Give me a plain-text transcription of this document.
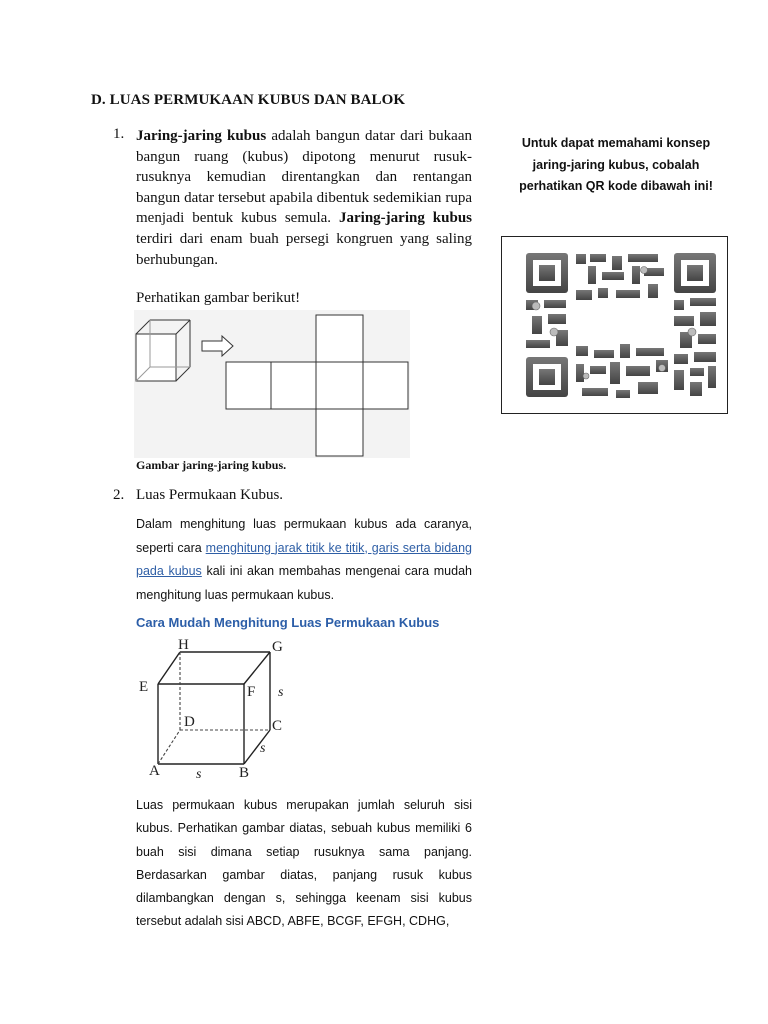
D. LUAS PERMUKAAN KUBUS DAN BALOK
1. Jaring-jaring kubus adalah bangun datar dari bukaan bangun ruang (kubus) dipotong menurut rusuk-rusuknya kemudian direntangkan dan rentangan bangun datar tersebut apabila dibentuk sedemikian rupa menjadi bentuk kubus semula. Jaring-jaring kubus terdiri dari enam buah persegi kongruen yang saling berhubungan.
Perhatikan gambar berikut!
Gambar jaring-jaring kubus.
2. Luas Permukaan Kubus.
Dalam menghitung luas permukaan kubus ada caranya, seperti cara menghitung jarak titik ke titik, garis serta bidang pada kubus kali ini akan membahas mengenai cara mudah menghitung luas permukaan kubus.
Cara Mudah Menghitung Luas Permukaan Kubus
H	G
E	F
D	C
A	B
s
s
s
Luas permukaan kubus merupakan jumlah seluruh sisi kubus. Perhatikan gambar diatas, sebuah kubus memiliki 6 buah sisi dimana setiap rusuknya sama panjang. Berdasarkan gambar diatas, panjang rusuk kubus dilambangkan dengan s, sehingga keenam sisi kubus tersebut adalah sisi ABCD, ABFE, BCGF, EFGH, CDHG,
Untuk dapat memahami konsep jaring-jaring kubus, cobalah perhatikan QR kode dibawah ini!
